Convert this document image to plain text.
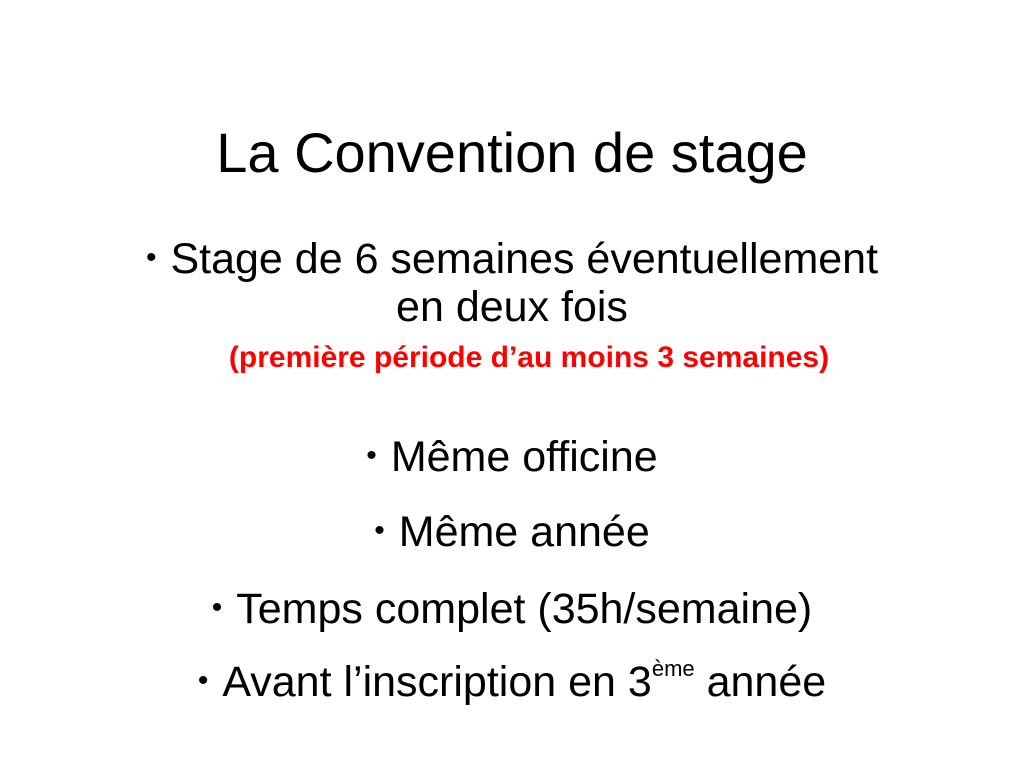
La Convention de stage
• Stage de 6 semaines éventuellement
en deux fois
(première période d’au moins 3 semaines)
• Même officine
• Même année
• Temps complet (35h/semaine)
• Avant l’inscription en 3ème année
